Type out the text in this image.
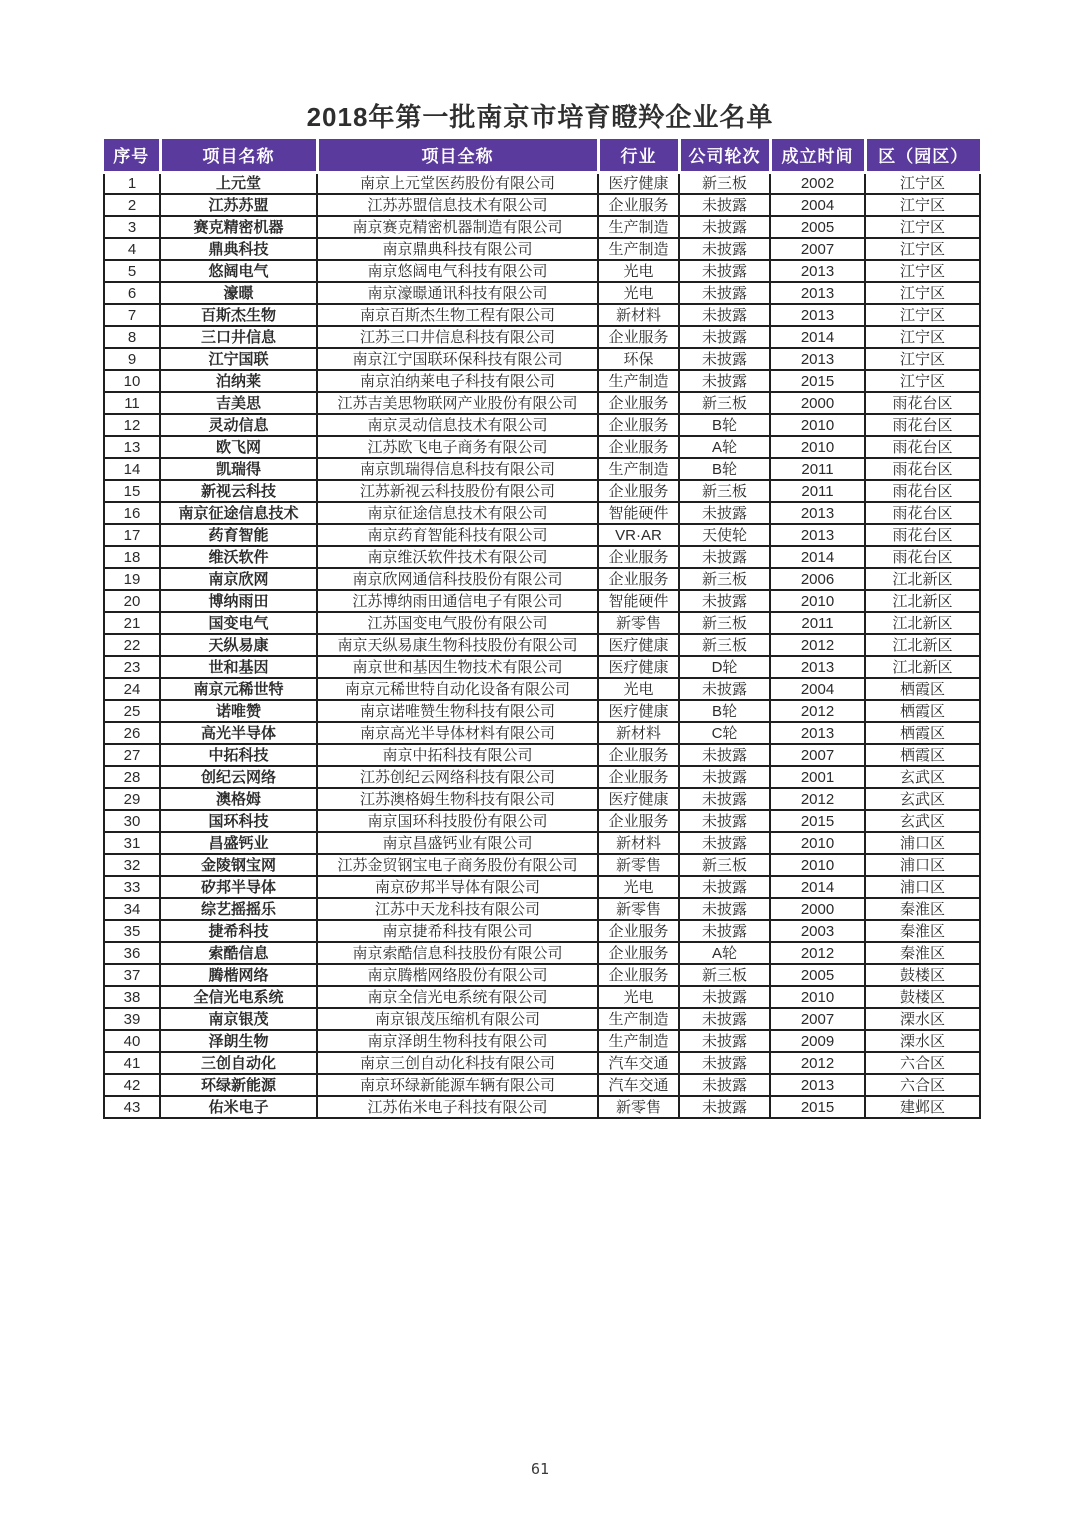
2018年第一批南京市培育瞪羚企业名单
序号	项目名称	项目全称	行业	公司轮次	成立时间	区（园区）
1	上元堂	南京上元堂医药股份有限公司	医疗健康	新三板	2002	江宁区
2	江苏苏盟	江苏苏盟信息技术有限公司	企业服务	未披露	2004	江宁区
3	赛克精密机器	南京赛克精密机器制造有限公司	生产制造	未披露	2005	江宁区
4	鼎典科技	南京鼎典科技有限公司	生产制造	未披露	2007	江宁区
5	悠阔电气	南京悠阔电气科技有限公司	光电	未披露	2013	江宁区
6	濠暻	南京濠暻通讯科技有限公司	光电	未披露	2013	江宁区
7	百斯杰生物	南京百斯杰生物工程有限公司	新材料	未披露	2013	江宁区
8	三口井信息	江苏三口井信息科技有限公司	企业服务	未披露	2014	江宁区
9	江宁国联	南京江宁国联环保科技有限公司	环保	未披露	2013	江宁区
10	泊纳莱	南京泊纳莱电子科技有限公司	生产制造	未披露	2015	江宁区
11	吉美思	江苏吉美思物联网产业股份有限公司	企业服务	新三板	2000	雨花台区
12	灵动信息	南京灵动信息技术有限公司	企业服务	B轮	2010	雨花台区
13	欧飞网	江苏欧飞电子商务有限公司	企业服务	A轮	2010	雨花台区
14	凯瑞得	南京凯瑞得信息科技有限公司	生产制造	B轮	2011	雨花台区
15	新视云科技	江苏新视云科技股份有限公司	企业服务	新三板	2011	雨花台区
16	南京征途信息技术	南京征途信息技术有限公司	智能硬件	未披露	2013	雨花台区
17	药育智能	南京药育智能科技有限公司	VR·AR	天使轮	2013	雨花台区
18	维沃软件	南京维沃软件技术有限公司	企业服务	未披露	2014	雨花台区
19	南京欣网	南京欣网通信科技股份有限公司	企业服务	新三板	2006	江北新区
20	博纳雨田	江苏博纳雨田通信电子有限公司	智能硬件	未披露	2010	江北新区
21	国变电气	江苏国变电气股份有限公司	新零售	新三板	2011	江北新区
22	天纵易康	南京天纵易康生物科技股份有限公司	医疗健康	新三板	2012	江北新区
23	世和基因	南京世和基因生物技术有限公司	医疗健康	D轮	2013	江北新区
24	南京元稀世特	南京元稀世特自动化设备有限公司	光电	未披露	2004	栖霞区
25	诺唯赞	南京诺唯赞生物科技有限公司	医疗健康	B轮	2012	栖霞区
26	高光半导体	南京高光半导体材料有限公司	新材料	C轮	2013	栖霞区
27	中拓科技	南京中拓科技有限公司	企业服务	未披露	2007	栖霞区
28	创纪云网络	江苏创纪云网络科技有限公司	企业服务	未披露	2001	玄武区
29	澳格姆	江苏澳格姆生物科技有限公司	医疗健康	未披露	2012	玄武区
30	国环科技	南京国环科技股份有限公司	企业服务	未披露	2015	玄武区
31	昌盛钙业	南京昌盛钙业有限公司	新材料	未披露	2010	浦口区
32	金陵钢宝网	江苏金贸钢宝电子商务股份有限公司	新零售	新三板	2010	浦口区
33	矽邦半导体	南京矽邦半导体有限公司	光电	未披露	2014	浦口区
34	综艺摇摇乐	江苏中天龙科技有限公司	新零售	未披露	2000	秦淮区
35	捷希科技	南京捷希科技有限公司	企业服务	未披露	2003	秦淮区
36	索酷信息	南京索酷信息科技股份有限公司	企业服务	A轮	2012	秦淮区
37	腾楷网络	南京腾楷网络股份有限公司	企业服务	新三板	2005	鼓楼区
38	全信光电系统	南京全信光电系统有限公司	光电	未披露	2010	鼓楼区
39	南京银茂	南京银茂压缩机有限公司	生产制造	未披露	2007	溧水区
40	泽朗生物	南京泽朗生物科技有限公司	生产制造	未披露	2009	溧水区
41	三创自动化	南京三创自动化科技有限公司	汽车交通	未披露	2012	六合区
42	环绿新能源	南京环绿新能源车辆有限公司	汽车交通	未披露	2013	六合区
43	佑米电子	江苏佑米电子科技有限公司	新零售	未披露	2015	建邺区
61
